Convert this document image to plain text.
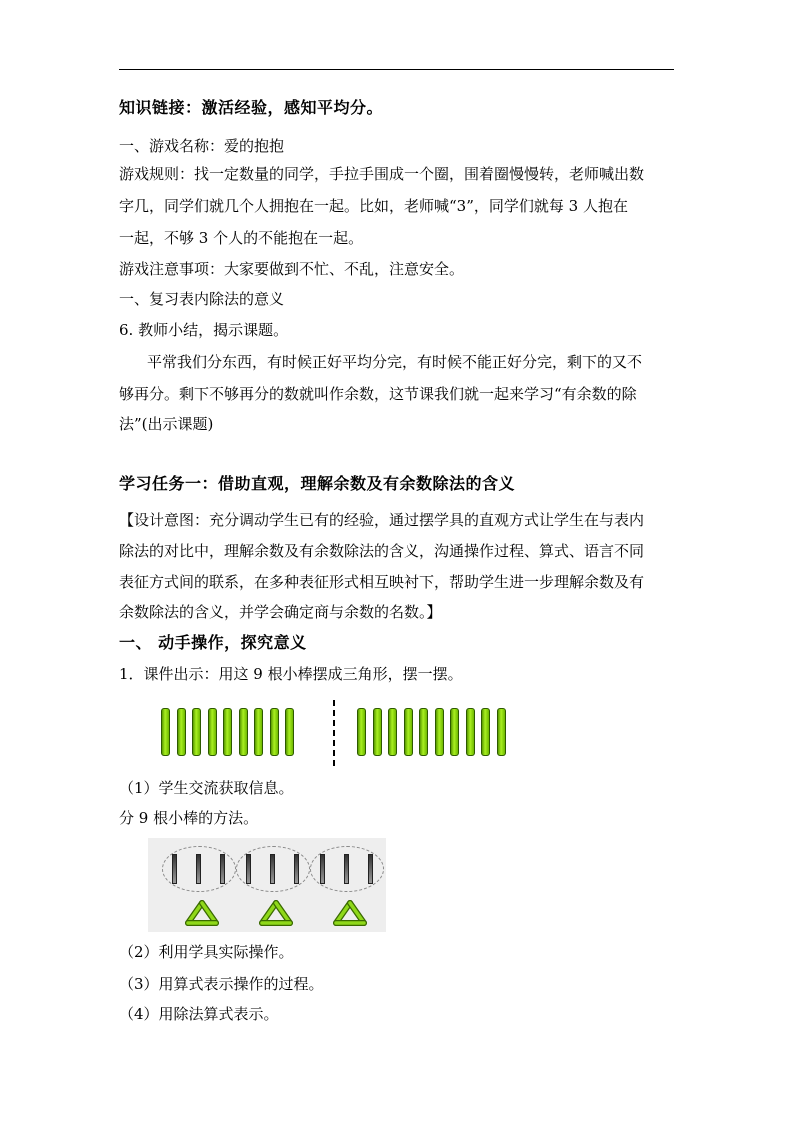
知识链接：激活经验，感知平均分。
一、游戏名称：爱的抱抱
游戏规则：找一定数量的同学，手拉手围成一个圈，围着圈慢慢转，老师喊出数
字几，同学们就几个人拥抱在一起。比如，老师喊“3”，同学们就每 3 人抱在
一起，不够 3 个人的不能抱在一起。
游戏注意事项：大家要做到不忙、不乱，注意安全。
一、复习表内除法的意义
6. 教师小结，揭示课题。
平常我们分东西，有时候正好平均分完，有时候不能正好分完，剩下的又不
够再分。剩下不够再分的数就叫作余数，这节课我们就一起来学习“有余数的除
法”(出示课题)
学习任务一：借助直观，理解余数及有余数除法的含义
【设计意图：充分调动学生已有的经验，通过摆学具的直观方式让学生在与表内
除法的对比中，理解余数及有余数除法的含义，沟通操作过程、算式、语言不同
表征方式间的联系，在多种表征形式相互映衬下，帮助学生进一步理解余数及有
余数除法的含义，并学会确定商与余数的名数。】
一、 动手操作，探究意义
1．课件出示：用这 9 根小棒摆成三角形，摆一摆。
（1）学生交流获取信息。
分 9 根小棒的方法。
（2）利用学具实际操作。
（3）用算式表示操作的过程。
（4）用除法算式表示。
